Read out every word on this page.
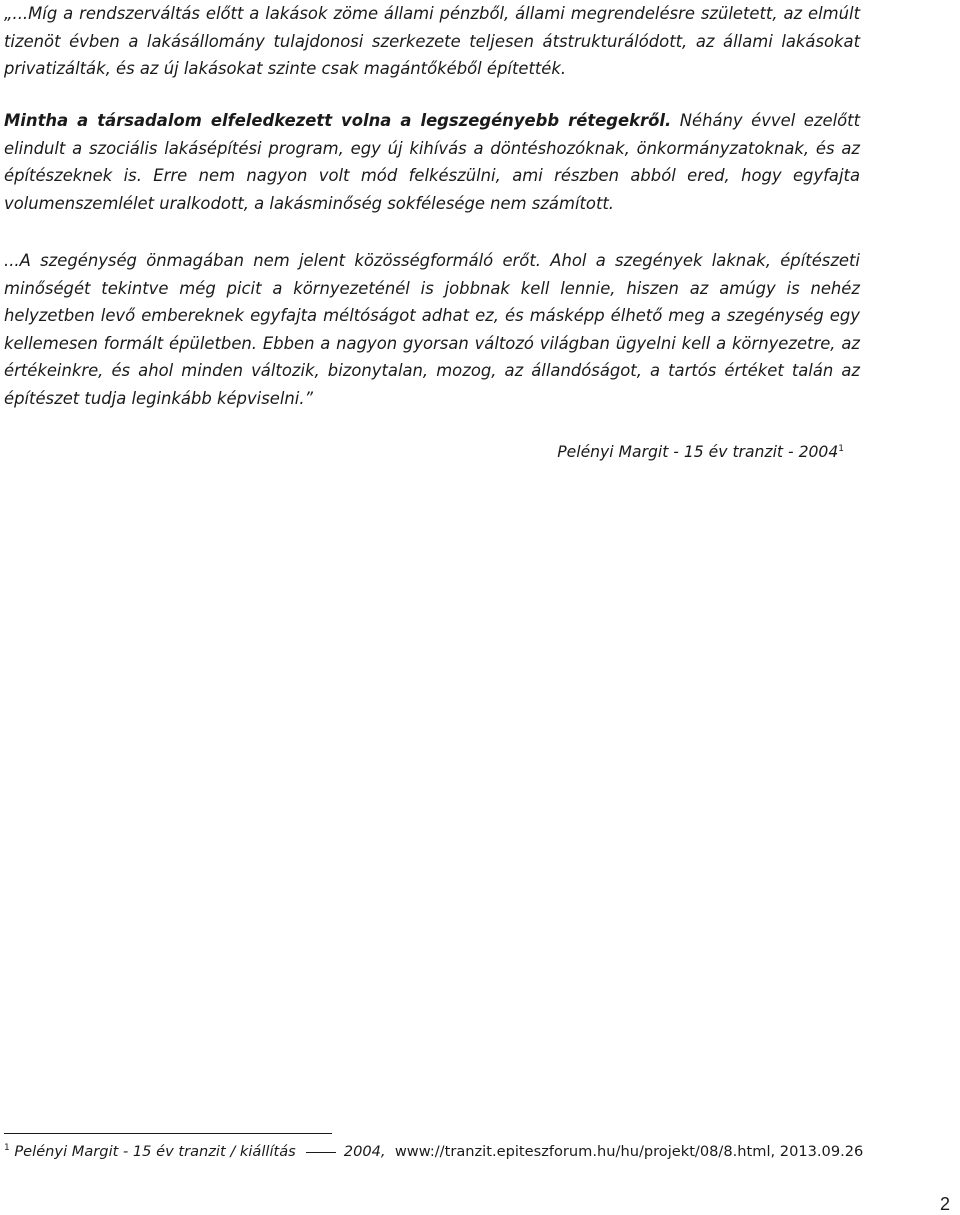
„...Míg a rendszerváltás előtt a lakások zöme állami pénzből, állami megrendelésre született, az elmúlt tizenöt évben a lakásállomány tulajdonosi szerkezete teljesen átstrukturálódott, az állami lakásokat privatizálták, és az új lakásokat szinte csak magántőkéből építették.

Mintha a társadalom elfeledkezett volna a legszegényebb rétegekről. Néhány évvel ezelőtt elindult a szociális lakásépítési program, egy új kihívás a döntéshozóknak, önkormányzatoknak, és az építészeknek is. Erre nem nagyon volt mód felkészülni, ami részben abból ered, hogy egyfajta volumenszemlélet uralkodott, a lakásminőség sokfélesége nem számított.

...A szegénység önmagában nem jelent közösségformáló erőt. Ahol a szegények laknak, építészeti minőségét tekintve még picit a környezeténél is jobbnak kell lennie, hiszen az amúgy is nehéz helyzetben levő embereknek egyfajta méltóságot adhat ez, és másképp élhető meg a szegénység egy kellemesen formált épületben. Ebben a nagyon gyorsan változó világban ügyelni kell a környezetre, az értékeinkre, és ahol minden változik, bizonytalan, mozog, az állandóságot, a tartós értéket talán az építészet tudja leginkább képviselni.”

Pelényi Margit - 15 év tranzit - 2004$^1$
$^1$ Pelényi Margit - 15 év tranzit / kiállítás	2004, www://tranzit.epiteszforum.hu/hu/projekt/08/8.html, 2013.09.26
2
